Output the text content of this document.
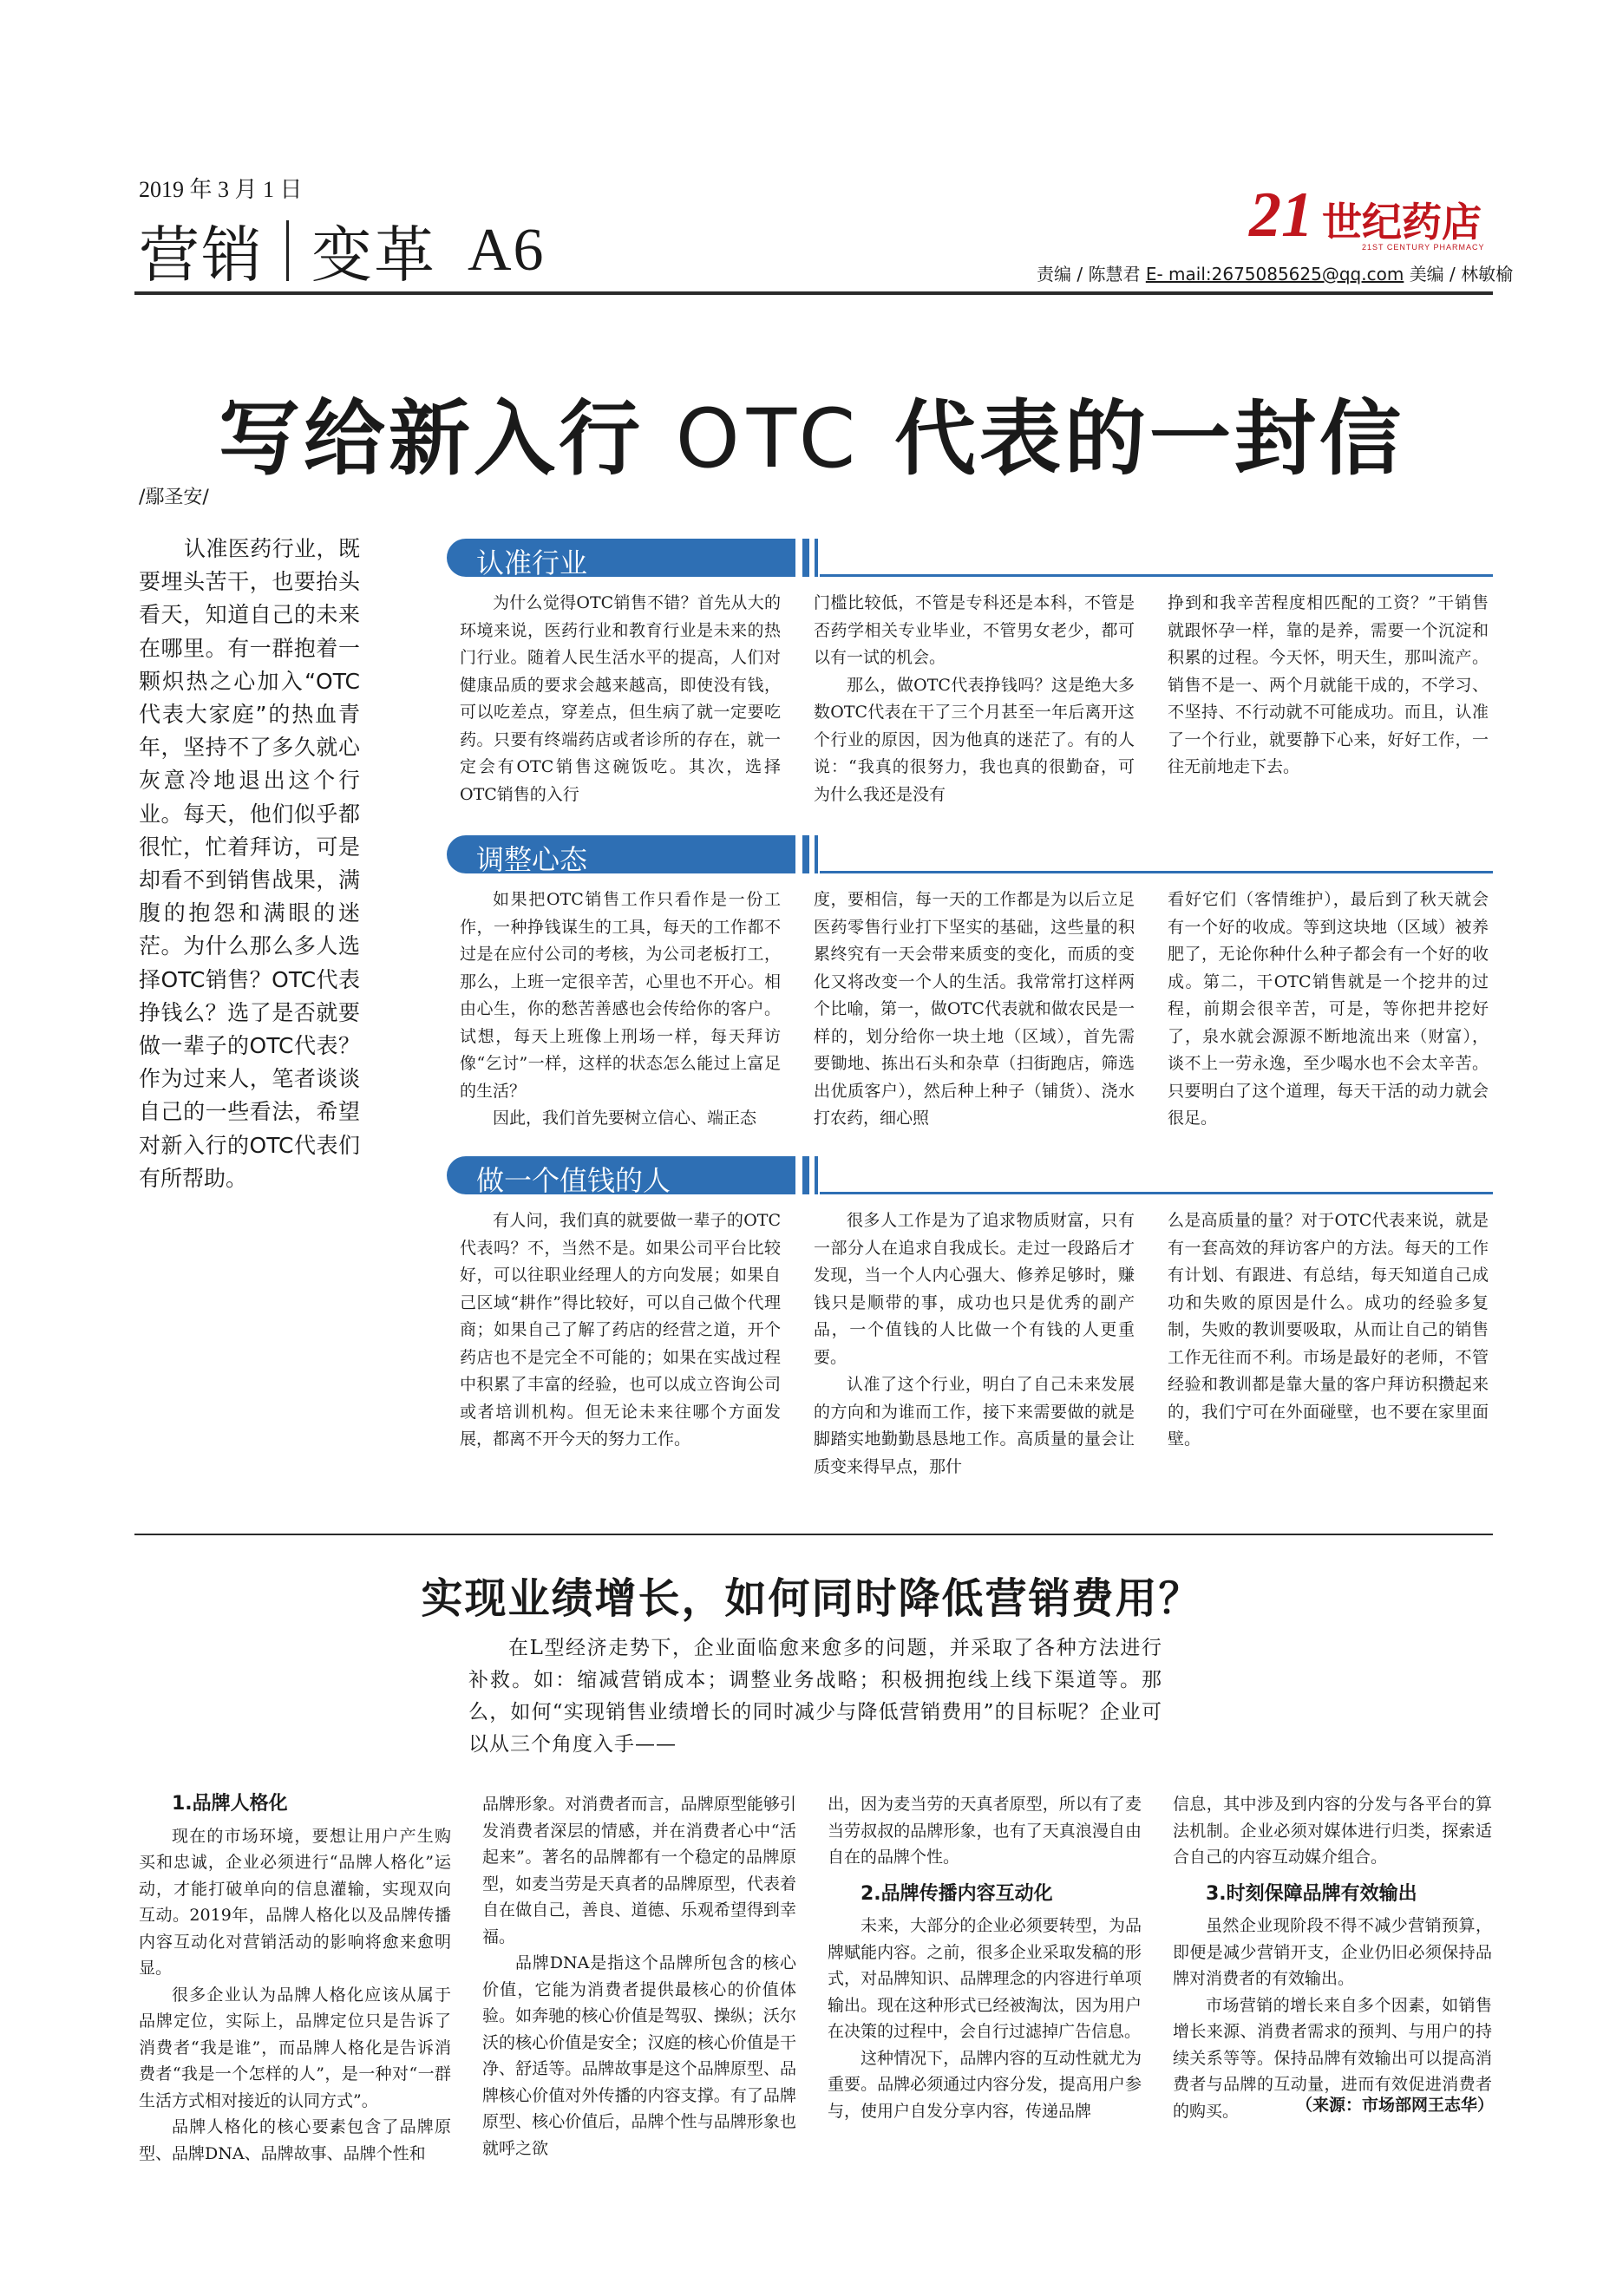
2019 年 3 月 1 日
营销 变革 A6	21 世纪药店
21ST CENTURY PHARMACY
责编 / 陈慧君 E- mail:2675085625@qq.com 美编 / 林敏榆
写给新入行 OTC 代表的一封信
/鄢圣安/
认准医药行业，既要埋头苦干，也要抬头看天，知道自己的未来在哪里。有一群抱着一颗炽热之心加入“OTC代表大家庭”的热血青年，坚持不了多久就心灰意冷地退出这个行业。每天，他们似乎都很忙，忙着拜访，可是却看不到销售战果，满腹的抱怨和满眼的迷茫。为什么那么多人选择OTC销售？OTC代表挣钱么？选了是否就要做一辈子的OTC代表？作为过来人，笔者谈谈自己的一些看法，希望对新入行的OTC代表们有所帮助。
认准行业

为什么觉得OTC销售不错？首先从大的环境来说，医药行业和教育行业是未来的热门行业。随着人民生活水平的提高，人们对健康品质的要求会越来越高，即使没有钱，可以吃差点，穿差点，但生病了就一定要吃药。只要有终端药店或者诊所的存在，就一定会有OTC销售这碗饭吃。其次，选择OTC销售的入行

门槛比较低，不管是专科还是本科，不管是否药学相关专业毕业，不管男女老少，都可以有一试的机会。

那么，做OTC代表挣钱吗？这是绝大多数OTC代表在干了三个月甚至一年后离开这个行业的原因，因为他真的迷茫了。有的人说：“我真的很努力，我也真的很勤奋，可为什么我还是没有

挣到和我辛苦程度相匹配的工资？”干销售就跟怀孕一样，靠的是养，需要一个沉淀和积累的过程。今天怀，明天生，那叫流产。销售不是一、两个月就能干成的，不学习、不坚持、不行动就不可能成功。而且，认准了一个行业，就要静下心来，好好工作，一往无前地走下去。

调整心态

如果把OTC销售工作只看作是一份工作，一种挣钱谋生的工具，每天的工作都不过是在应付公司的考核，为公司老板打工，那么，上班一定很辛苦，心里也不开心。相由心生，你的愁苦善感也会传给你的客户。试想，每天上班像上刑场一样，每天拜访像“乞讨”一样，这样的状态怎么能过上富足的生活？

因此，我们首先要树立信心、端正态

度，要相信，每一天的工作都是为以后立足医药零售行业打下坚实的基础，这些量的积累终究有一天会带来质变的变化，而质的变化又将改变一个人的生活。我常常打这样两个比喻，第一，做OTC代表就和做农民是一样的，划分给你一块土地（区域），首先需要锄地、拣出石头和杂草（扫街跑店，筛选出优质客户），然后种上种子（铺货）、浇水打农药，细心照

看好它们（客情维护），最后到了秋天就会有一个好的收成。等到这块地（区域）被养肥了，无论你种什么种子都会有一个好的收成。第二，干OTC销售就是一个挖井的过程，前期会很辛苦，可是，等你把井挖好了，泉水就会源源不断地流出来（财富），谈不上一劳永逸，至少喝水也不会太辛苦。只要明白了这个道理，每天干活的动力就会很足。

做一个值钱的人

有人问，我们真的就要做一辈子的OTC代表吗？不，当然不是。如果公司平台比较好，可以往职业经理人的方向发展；如果自己区域“耕作”得比较好，可以自己做个代理商；如果自己了解了药店的经营之道，开个药店也不是完全不可能的；如果在实战过程中积累了丰富的经验，也可以成立咨询公司或者培训机构。但无论未来往哪个方面发展，都离不开今天的努力工作。

很多人工作是为了追求物质财富，只有一部分人在追求自我成长。走过一段路后才发现，当一个人内心强大、修养足够时，赚钱只是顺带的事，成功也只是优秀的副产品，一个值钱的人比做一个有钱的人更重要。

认准了这个行业，明白了自己未来发展的方向和为谁而工作，接下来需要做的就是脚踏实地勤勤恳恳地工作。高质量的量会让质变来得早点，那什

么是高质量的量？对于OTC代表来说，就是有一套高效的拜访客户的方法。每天的工作有计划、有跟进、有总结，每天知道自己成功和失败的原因是什么。成功的经验多复制，失败的教训要吸取，从而让自己的销售工作无往而不利。市场是最好的老师，不管经验和教训都是靠大量的客户拜访积攒起来的，我们宁可在外面碰壁，也不要在家里面壁。

实现业绩增长，如何同时降低营销费用？
在L型经济走势下，企业面临愈来愈多的问题，并采取了各种方法进行补救。如：缩减营销成本；调整业务战略；积极拥抱线上线下渠道等。那么，如何“实现销售业绩增长的同时减少与降低营销费用”的目标呢？企业可以从三个角度入手——
1.品牌人格化

现在的市场环境，要想让用户产生购买和忠诚，企业必须进行“品牌人格化”运动，才能打破单向的信息灌输，实现双向互动。2019年，品牌人格化以及品牌传播内容互动化对营销活动的影响将愈来愈明显。

很多企业认为品牌人格化应该从属于品牌定位，实际上，品牌定位只是告诉了消费者“我是谁”，而品牌人格化是告诉消费者“我是一个怎样的人”，是一种对“一群生活方式相对接近的认同方式”。

品牌人格化的核心要素包含了品牌原型、品牌DNA、品牌故事、品牌个性和

品牌形象。对消费者而言，品牌原型能够引发消费者深层的情感，并在消费者心中“活起来”。著名的品牌都有一个稳定的品牌原型，如麦当劳是天真者的品牌原型，代表着自在做自己，善良、道德、乐观希望得到幸福。

品牌DNA是指这个品牌所包含的核心价值，它能为消费者提供最核心的价值体验。如奔驰的核心价值是驾驭、操纵；沃尔沃的核心价值是安全；汉庭的核心价值是干净、舒适等。品牌故事是这个品牌原型、品牌核心价值对外传播的内容支撑。有了品牌原型、核心价值后，品牌个性与品牌形象也就呼之欲

出，因为麦当劳的天真者原型，所以有了麦当劳叔叔的品牌形象，也有了天真浪漫自由自在的品牌个性。

2.品牌传播内容互动化

未来，大部分的企业必须要转型，为品牌赋能内容。之前，很多企业采取发稿的形式，对品牌知识、品牌理念的内容进行单项输出。现在这种形式已经被淘汰，因为用户在决策的过程中，会自行过滤掉广告信息。

这种情况下，品牌内容的互动性就尤为重要。品牌必须通过内容分发，提高用户参与，使用户自发分享内容，传递品牌

信息，其中涉及到内容的分发与各平台的算法机制。企业必须对媒体进行归类，探索适合自己的内容互动媒介组合。

3.时刻保障品牌有效输出

虽然企业现阶段不得不减少营销预算，即便是减少营销开支，企业仍旧必须保持品牌对消费者的有效输出。

市场营销的增长来自多个因素，如销售增长来源、消费者需求的预判、与用户的持续关系等等。保持品牌有效输出可以提高消费者与品牌的互动量，进而有效促进消费者的购买。	（来源：市场部网王志华）
